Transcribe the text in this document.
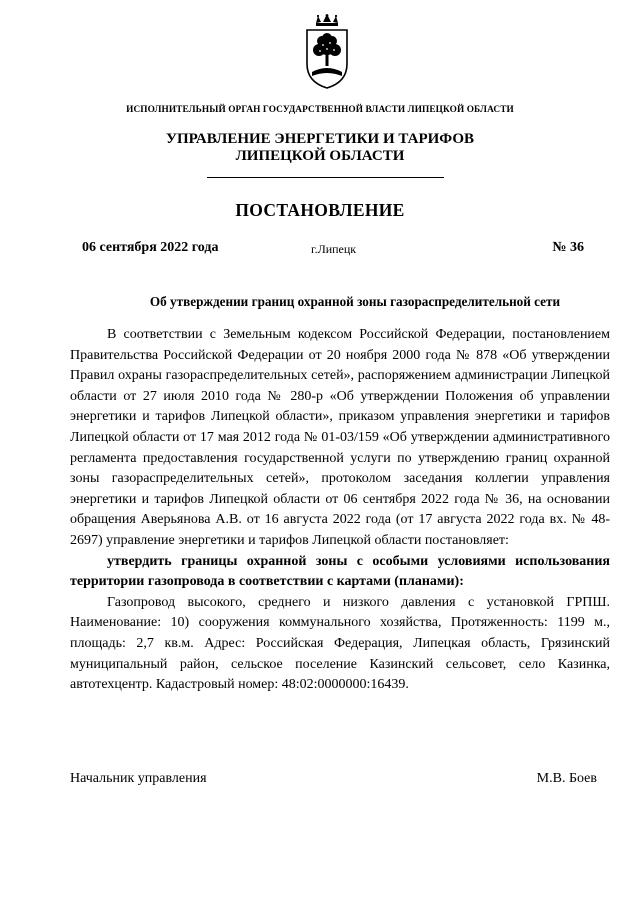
ИСПОЛНИТЕЛЬНЫЙ ОРГАН ГОСУДАРСТВЕННОЙ ВЛАСТИ ЛИПЕЦКОЙ ОБЛАСТИ
УПРАВЛЕНИЕ ЭНЕРГЕТИКИ И ТАРИФОВ
ЛИПЕЦКОЙ ОБЛАСТИ
ПОСТАНОВЛЕНИЕ
06 сентября 2022 года	г.Липецк	№ 36
Об утверждении границ охранной зоны газораспределительной сети

В соответствии с Земельным кодексом Российской Федерации, постановлением Правительства Российской Федерации от 20 ноября 2000 года № 878 «Об утверждении Правил охраны газораспределительных сетей», распоряжением администрации Липецкой области от 27 июля 2010 года № 280-р «Об утверждении Положения об управлении энергетики и тарифов Липецкой области», приказом управления энергетики и тарифов Липецкой области от 17 мая 2012 года № 01-03/159 «Об утверждении административного регламента предоставления государственной услуги по утверждению границ охранной зоны газораспределительных сетей», протоколом заседания коллегии управления энергетики и тарифов Липецкой области от 06 сентября 2022 года № 36, на основании обращения Аверьянова А.В. от 16 августа 2022 года (от 17 августа 2022 года вх. № 48-2697) управление энергетики и тарифов Липецкой области постановляет:

утвердить границы охранной зоны с особыми условиями использования территории газопровода в соответствии с картами (планами):

Газопровод высокого, среднего и низкого давления с установкой ГРПШ. Наименование: 10) сооружения коммунального хозяйства, Протяженность: 1199 м., площадь: 2,7 кв.м. Адрес: Российская Федерация, Липецкая область, Грязинский муниципальный район, сельское поселение Казинский сельсовет, село Казинка, автотехцентр. Кадастровый номер: 48:02:0000000:16439.

Начальник управления	М.В. Боев
